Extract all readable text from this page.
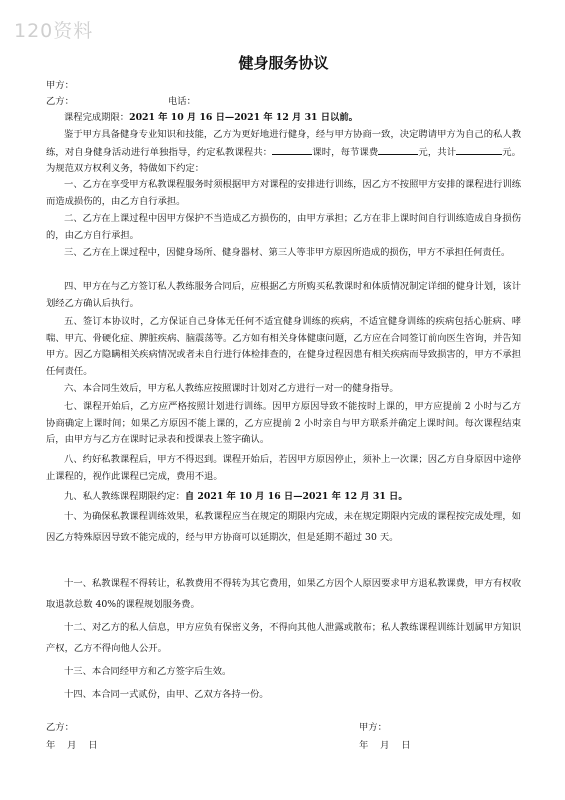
120资料
健身服务协议
甲方：
乙方：	电话：
课程完成期限：2021 年 10 月 16 日—2021 年 12 月 31 日以前。
鉴于甲方具备健身专业知识和技能，乙方为更好地进行健身，经与甲方协商一致，决定聘请甲方为自己的私人教练，对自身健身活动进行单独指导，约定私教课程共：	课时，每节课费	元，共计	元。为规范双方权利义务，特做如下约定：
一、乙方在享受甲方私教课程服务时须根据甲方对课程的安排进行训练，因乙方不按照甲方安排的课程进行训练而造成损伤的，由乙方自行承担。
二、乙方在上课过程中因甲方保护不当造成乙方损伤的，由甲方承担；乙方在非上课时间自行训练造成自身损伤的，由乙方自行承担。
三、乙方在上课过程中，因健身场所、健身器材、第三人等非甲方原因所造成的损伤，甲方不承担任何责任。
四、甲方在与乙方签订私人教练服务合同后，应根据乙方所购买私教课时和体质情况制定详细的健身计划，该计划经乙方确认后执行。
五、签订本协议时，乙方保证自己身体无任何不适宜健身训练的疾病，不适宜健身训练的疾病包括心脏病、哮喘、甲亢、骨硬化症、脾脏疾病、脑震荡等。乙方如有相关身体健康问题，乙方应在合同签订前向医生咨询，并告知甲方。因乙方隐瞒相关疾病情况或者未自行进行体检排查的，在健身过程因患有相关疾病而导致损害的，甲方不承担任何责任。
六、本合同生效后，甲方私人教练应按照课时计划对乙方进行一对一的健身指导。
七、课程开始后，乙方应严格按照计划进行训练。因甲方原因导致不能按时上课的，甲方应提前 2 小时与乙方协商确定上课时间；如果乙方原因不能上课的，乙方应提前 2 小时亲自与甲方联系并确定上课时间。每次课程结束后，由甲方与乙方在课时记录表和授课表上签字确认。
八、约好私教课程后，甲方不得迟到。课程开始后，若因甲方原因停止，须补上一次课；因乙方自身原因中途停止课程的，视作此课程已完成，费用不退。
九、私人教练课程期限约定：自 2021 年 10 月 16 日—2021 年 12 月 31 日。
十、为确保私教课程训练效果，私教课程应当在规定的期限内完成，未在规定期限内完成的课程按完成处理，如因乙方特殊原因导致不能完成的，经与甲方协商可以延期次，但是延期不超过 30 天。
十一、私教课程不得转让，私教费用不得转为其它费用，如果乙方因个人原因要求甲方退私教课费，甲方有权收取退款总数 40%的课程规划服务费。
十二、对乙方的私人信息，甲方应负有保密义务，不得向其他人泄露或散布；私人教练课程训练计划属甲方知识产权，乙方不得向他人公开。
十三、本合同经甲方和乙方签字后生效。
十四、本合同一式贰份，由甲、乙双方各持一份。
乙方：	甲方：
年    月    日	年    月    日
